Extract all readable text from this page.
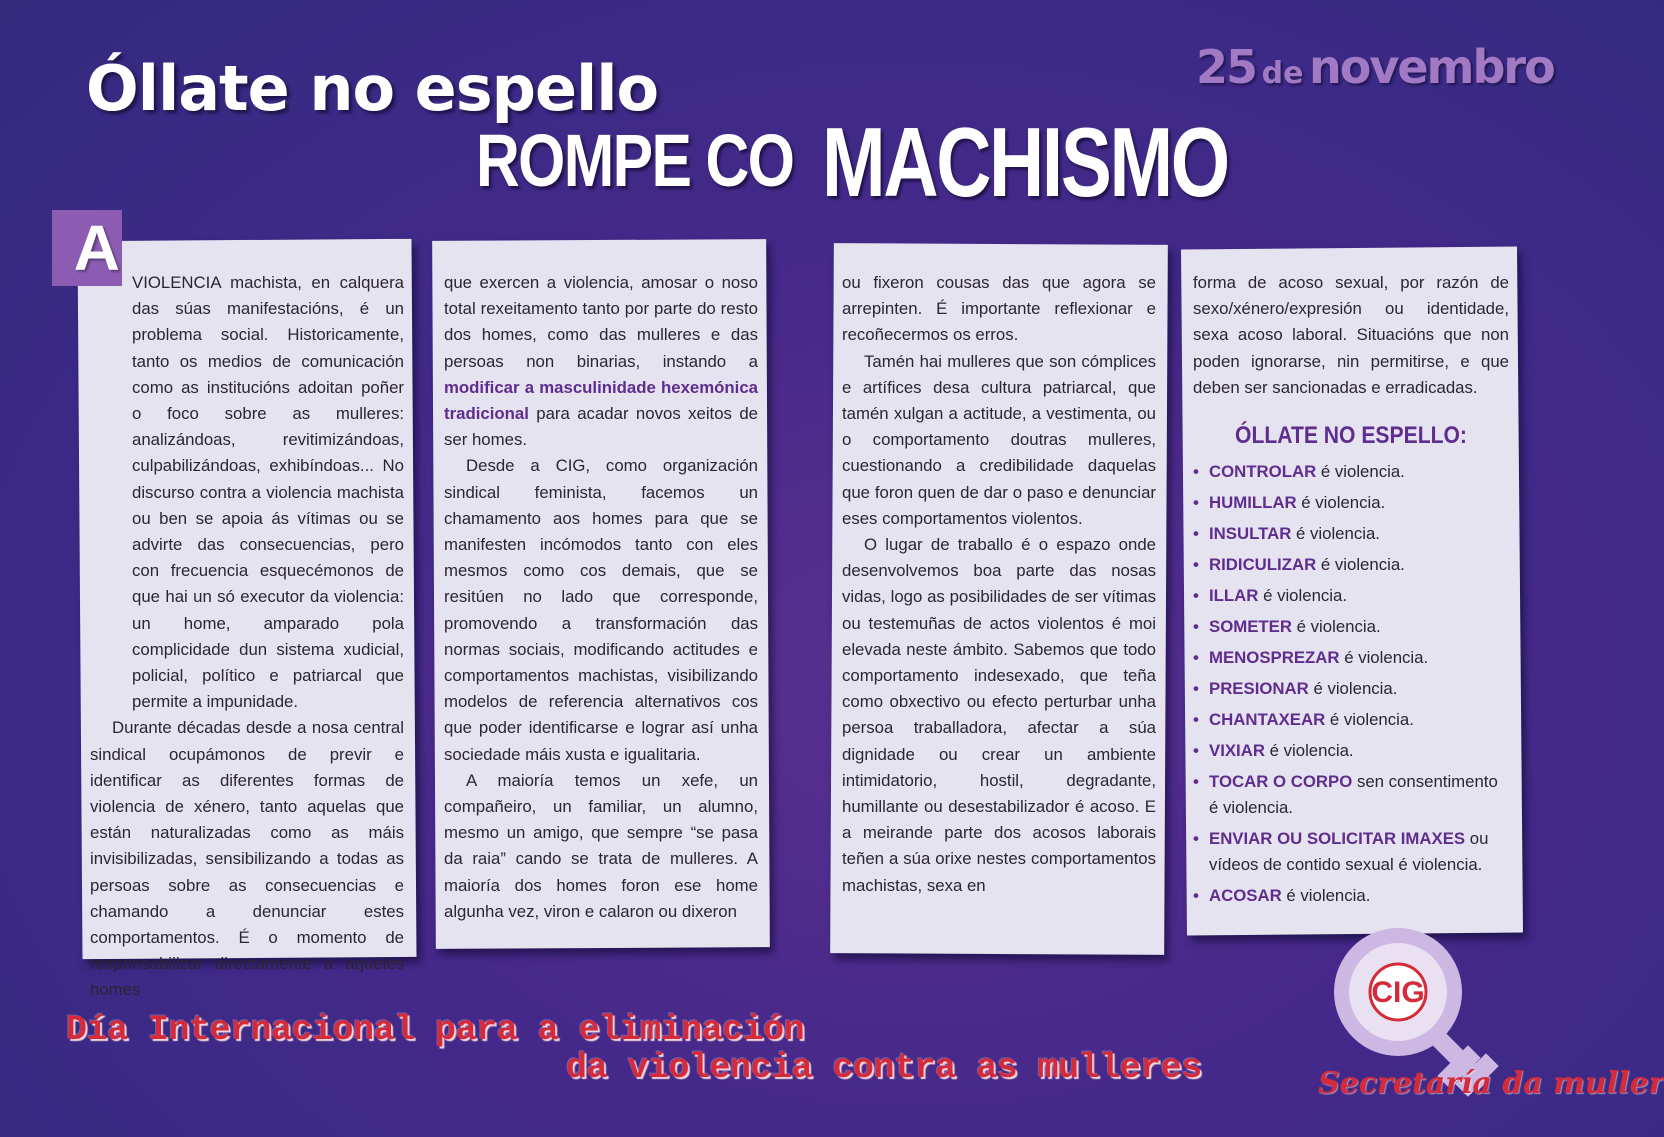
Óllate no espello
ROMPE CO MACHISMO
25 de novembro
A VIOLENCIA machista, en calquera das súas manifestacións, é un problema social. Historicamente, tanto os medios de comunicación como as institucións adoitan poñer o foco sobre as mulleres: analizándoas, revitimizándoas, culpabilizándoas, exhibíndoas... No discurso contra a violencia machista ou ben se apoia ás vítimas ou se advirte das consecuencias, pero con frecuencia esquecémonos de que hai un só executor da violencia: un home, amparado pola complicidade dun sistema xudicial, policial, político e patriarcal que permite a impunidade.

Durante décadas desde a nosa central sindical ocupámonos de previr e identificar as diferentes formas de violencia de xénero, tanto aquelas que están naturalizadas como as máis invisibilizadas, sensibilizando a todas as persoas sobre as consecuencias e chamando a denunciar estes comportamentos. É o momento de responsabilizar directamente a aqueles homes

que exercen a violencia, amosar o noso total rexeitamento tanto por parte do resto dos homes, como das mulleres e das persoas non binarias, instando a modificar a masculinidade hexemónica tradicional para acadar novos xeitos de ser homes.

Desde a CIG, como organización sindical feminista, facemos un chamamento aos homes para que se manifesten incómodos tanto con eles mesmos como cos demais, que se resitúen no lado que corresponde, promovendo a transformación das normas sociais, modificando actitudes e comportamentos machistas, visibilizando modelos de referencia alternativos cos que poder identificarse e lograr así unha sociedade máis xusta e igualitaria.

A maioría temos un xefe, un compañeiro, un familiar, un alumno, mesmo un amigo, que sempre “se pasa da raia” cando se trata de mulleres. A maioría dos homes foron ese home algunha vez, viron e calaron ou dixeron

ou fixeron cousas das que agora se arrepinten. É importante reflexionar e recoñecermos os erros.

Tamén hai mulleres que son cómplices e artífices desa cultura patriarcal, que tamén xulgan a actitude, a vestimenta, ou o comportamento doutras mulleres, cuestionando a credibilidade daquelas que foron quen de dar o paso e denunciar eses comportamentos violentos.

O lugar de traballo é o espazo onde desenvolvemos boa parte das nosas vidas, logo as posibilidades de ser vítimas ou testemuñas de actos violentos é moi elevada neste ámbito. Sabemos que todo comportamento indesexado, que teña como obxectivo ou efecto perturbar unha persoa traballadora, afectar a súa dignidade ou crear un ambiente intimidatorio, hostil, degradante, humillante ou desestabilizador é acoso. E a meirande parte dos acosos laborais teñen a súa orixe nestes comportamentos machistas, sexa en

forma de acoso sexual, por razón de sexo/xénero/expresión ou identidade, sexa acoso laboral. Situacións que non poden ignorarse, nin permitirse, e que deben ser sancionadas e erradicadas.

ÓLLATE NO ESPELLO:
• CONTROLAR é violencia.
• HUMILLAR é violencia.
• INSULTAR é violencia.
• RIDICULIZAR é violencia.
• ILLAR é violencia.
• SOMETER é violencia.
• MENOSPREZAR é violencia.
• PRESIONAR é violencia.
• CHANTAXEAR é violencia.
• VIXIAR é violencia.
• TOCAR O CORPO sen consentimento é violencia.
• ENVIAR OU SOLICITAR IMAXES ou vídeos de contido sexual é violencia.
• ACOSAR é violencia.

Día Internacional para a eliminación

da violencia contra as mulleres

CIG
Secretaría da muller
